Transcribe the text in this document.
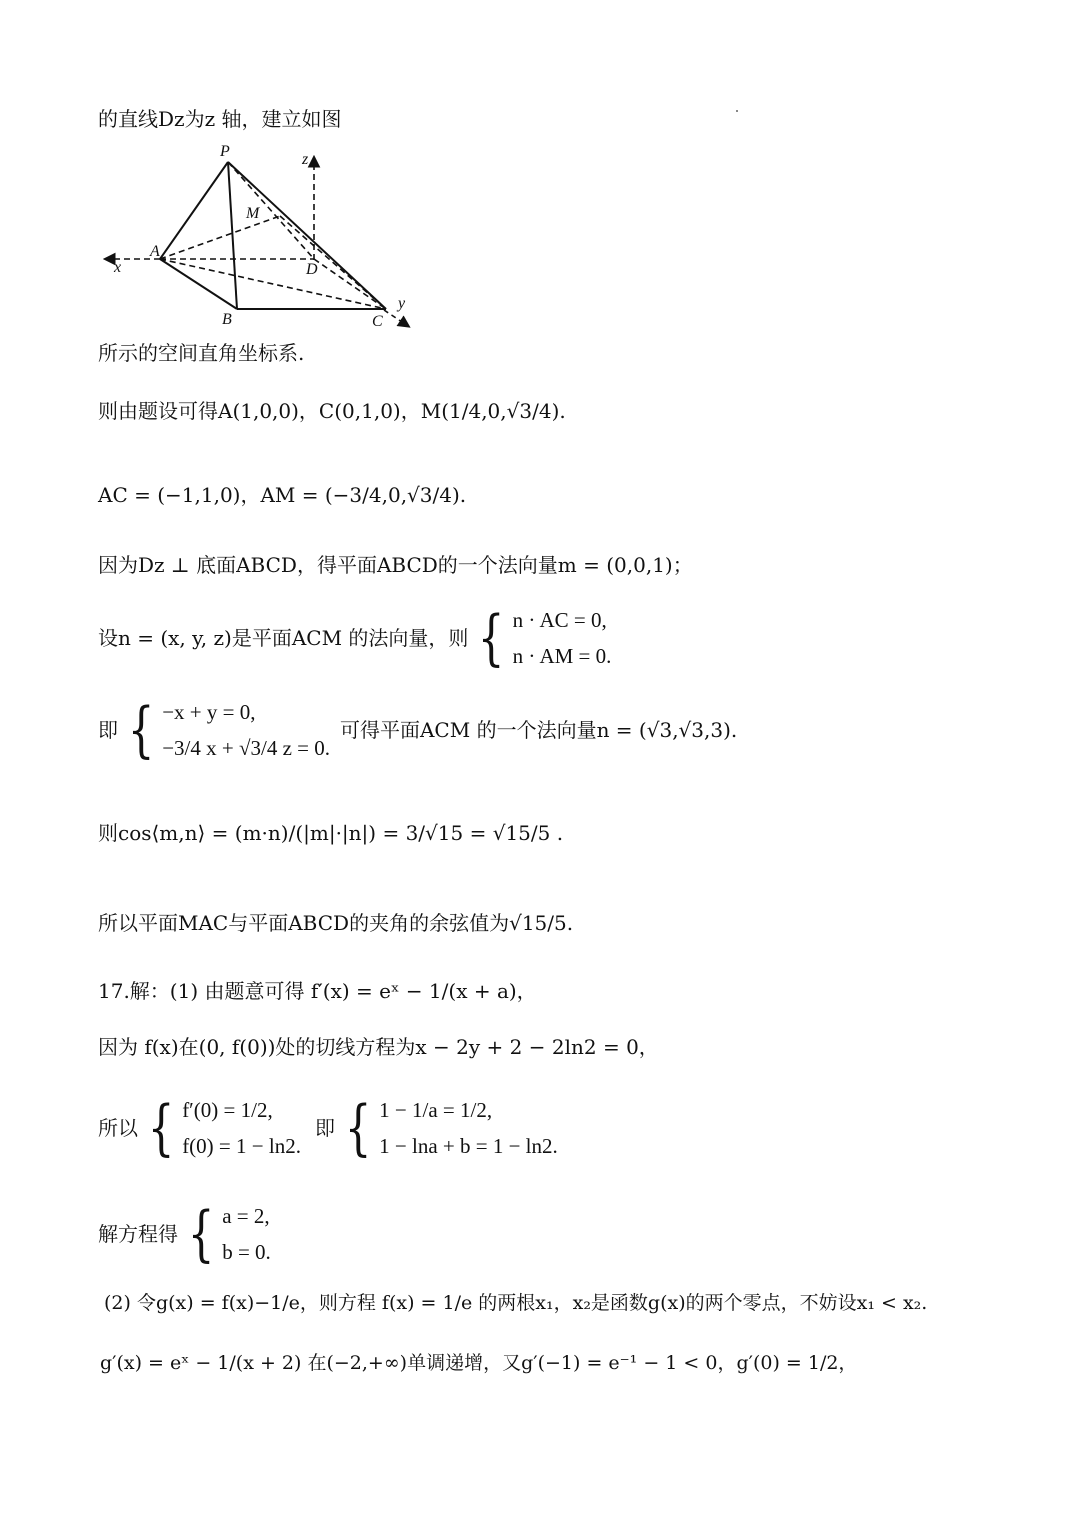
的直线Dz为z 轴，建立如图
P
M
z
A
x	D
B	C
y
所示的空间直角坐标系.
则由题设可得A(1,0,0)，C(0,1,0)，M(1/4,0,√3/4).
AC = (−1,1,0)，AM = (−3/4,0,√3/4).
因为Dz ⊥ 底面ABCD，得平面ABCD的一个法向量m = (0,0,1)；
设n = (x, y, z)是平面ACM 的法向量，则 { n · AC = 0,
n · AM = 0.
即 { −x + y = 0,
−3/4 x + √3/4 z = 0.
可得平面ACM 的一个法向量n = (√3,√3,3).
则cos⟨m,n⟩ = (m·n)/(|m|·|n|) = 3/√15 = √15/5 .
所以平面MAC与平面ABCD的夹角的余弦值为√15/5.
17.解：(1) 由题意可得 f′(x) = eˣ − 1/(x + a)，
因为 f(x)在(0, f(0))处的切线方程为x − 2y + 2 − 2ln2 = 0，
所以 { f′(0) = 1/2,
f(0) = 1 − ln2.
即 { 1 − 1/a = 1/2,
1 − lna + b = 1 − ln2.
解方程得 { a = 2,
b = 0.
(2) 令g(x) = f(x)−1/e，则方程 f(x) = 1/e 的两根x₁，x₂是函数g(x)的两个零点，不妨设x₁ < x₂.
g′(x) = eˣ − 1/(x + 2) 在(−2,+∞)单调递增，又g′(−1) = e⁻¹ − 1 < 0，g′(0) = 1/2，
